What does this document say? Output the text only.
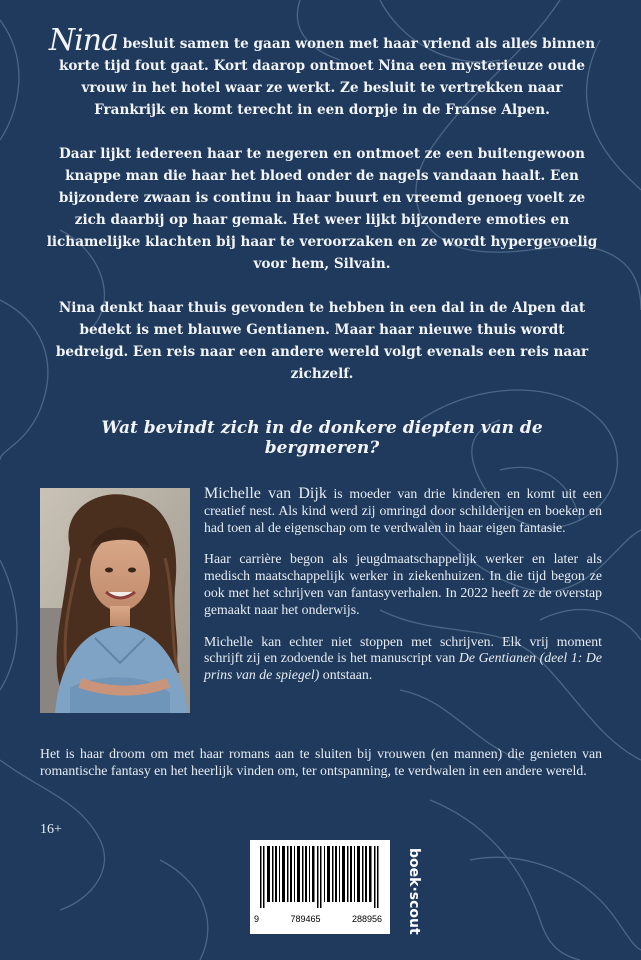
Nina besluit samen te gaan wonen met haar vriend als alles binnen korte tijd fout gaat. Kort daarop ontmoet Nina een mysterieuze oude vrouw in het hotel waar ze werkt. Ze besluit te vertrekken naar Frankrijk en komt terecht in een dorpje in de Franse Alpen.

Daar lijkt iedereen haar te negeren en ontmoet ze een buitengewoon knappe man die haar het bloed onder de nagels vandaan haalt. Een bijzondere zwaan is continu in haar buurt en vreemd genoeg voelt ze zich daarbij op haar gemak. Het weer lijkt bijzondere emoties en lichamelijke klachten bij haar te veroorzaken en ze wordt hypergevoelig voor hem, Silvain.

Nina denkt haar thuis gevonden te hebben in een dal in de Alpen dat bedekt is met blauwe Gentianen. Maar haar nieuwe thuis wordt bedreigd. Een reis naar een andere wereld volgt evenals een reis naar zichzelf.

Wat bevindt zich in de donkere diepten van de bergmeren?

Michelle van Dijk is moeder van drie kinderen en komt uit een creatief nest. Als kind werd zij omringd door schilderijen en boeken en had toen al de eigenschap om te verdwalen in haar eigen fantasie.

Haar carrière begon als jeugdmaatschappelijk werker en later als medisch maatschappelijk werker in ziekenhuizen. In die tijd begon ze ook met het schrijven van fantasyverhalen. In 2022 heeft ze de overstap gemaakt naar het onderwijs.

Michelle kan echter niet stoppen met schrijven. Elk vrij moment schrijft zij en zodoende is het manuscript van De Gentianen (deel 1: De prins van de spiegel) ontstaan.

Het is haar droom om met haar romans aan te sluiten bij vrouwen (en mannen) die genieten van romantische fantasy en het heerlijk vinden om, ter ontspanning, te verdwalen in een andere wereld.
16+
9	789465	288956 boek·scout
